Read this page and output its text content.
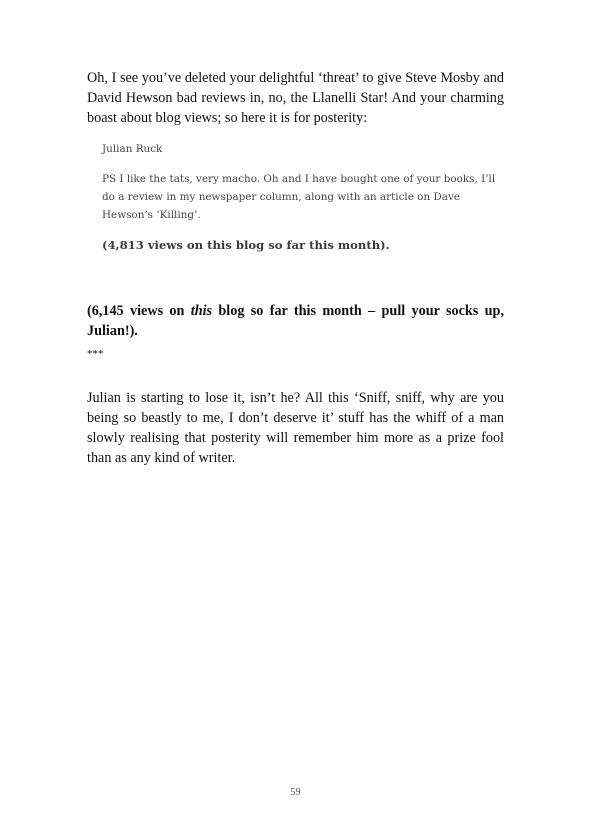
Oh, I see you’ve deleted your delightful ‘threat’ to give Steve Mosby and David Hewson bad reviews in, no, the Llanelli Star! And your charming boast about blog views; so here it is for posterity:

Julian Ruck

PS I like the tats, very macho. Oh and I have bought one of your books, I’ll do a review in my newspaper column, along with an article on Dave Hewson’s ‘Killing’.

(4,813 views on this blog so far this month).

(6,145 views on this blog so far this month – pull your socks up, Julian!).

***

Julian is starting to lose it, isn’t he? All this ‘Sniff, sniff, why are you being so beastly to me, I don’t deserve it’ stuff has the whiff of a man slowly realising that posterity will remember him more as a prize fool than as any kind of writer.

59
